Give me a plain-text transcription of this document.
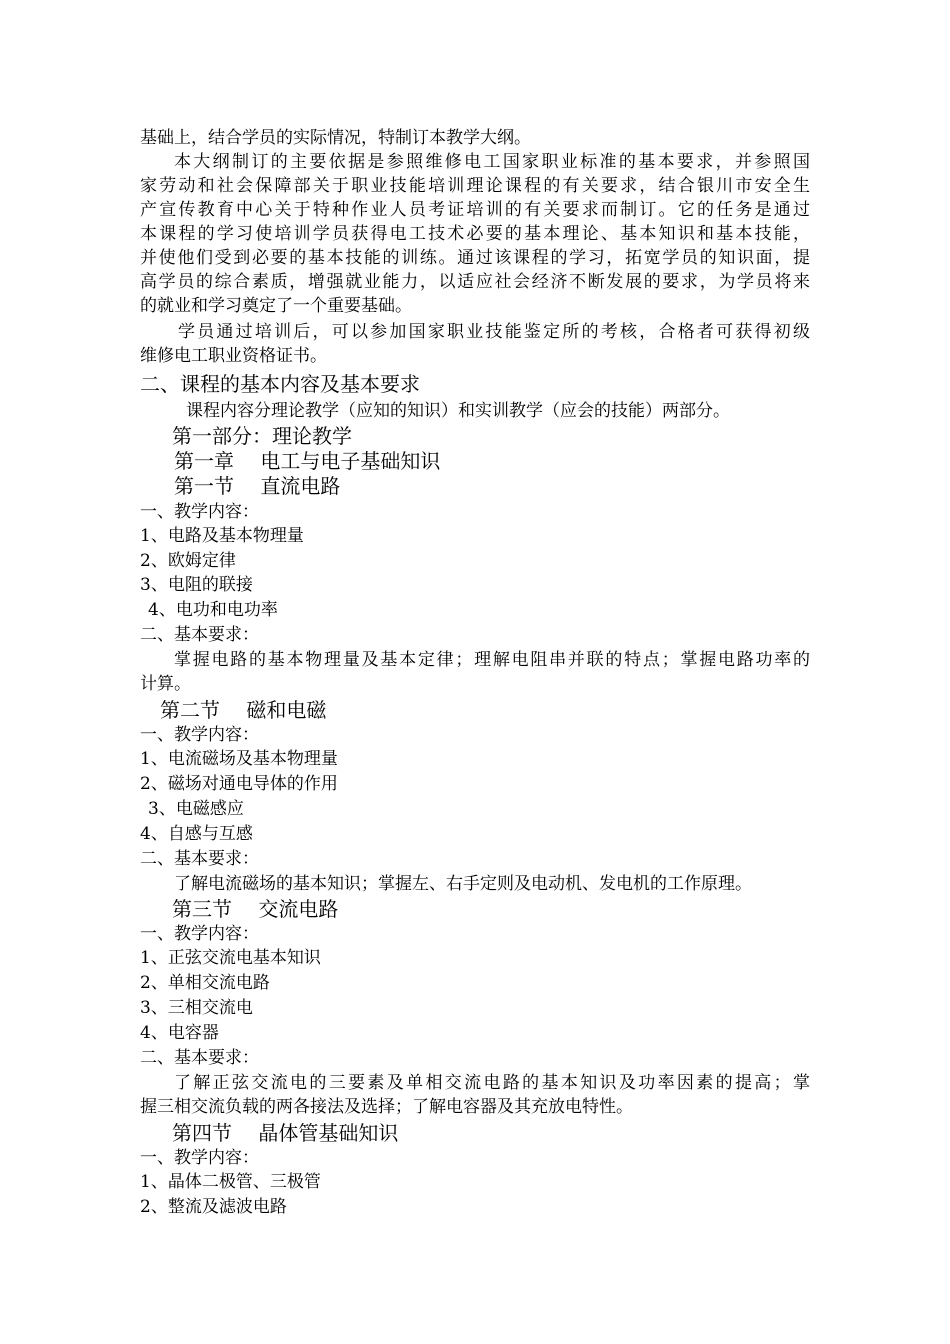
基础上，结合学员的实际情况，特制订本教学大纲。
本大纲制订的主要依据是参照维修电工国家职业标准的基本要求，并参照国
家劳动和社会保障部关于职业技能培训理论课程的有关要求，结合银川市安全生
产宣传教育中心关于特种作业人员考证培训的有关要求而制订。它的任务是通过
本课程的学习使培训学员获得电工技术必要的基本理论、基本知识和基本技能，
并使他们受到必要的基本技能的训练。通过该课程的学习，拓宽学员的知识面，提
高学员的综合素质，增强就业能力，以适应社会经济不断发展的要求，为学员将来
的就业和学习奠定了一个重要基础。
学员通过培训后，可以参加国家职业技能鉴定所的考核，合格者可获得初级
维修电工职业资格证书。
二、课程的基本内容及基本要求
课程内容分理论教学（应知的知识）和实训教学（应会的技能）两部分。
第一部分：理论教学
第一章　 电工与电子基础知识
第一节　 直流电路
一、教学内容：
1、电路及基本物理量
2、欧姆定律
3、电阻的联接
4、电功和电功率
二、基本要求：
掌握电路的基本物理量及基本定律；理解电阻串并联的特点；掌握电路功率的
计算。
第二节　 磁和电磁
一、教学内容：
1、电流磁场及基本物理量
2、磁场对通电导体的作用
3、电磁感应
4、自感与互感
二、基本要求：
了解电流磁场的基本知识；掌握左、右手定则及电动机、发电机的工作原理。
第三节　 交流电路
一、教学内容：
1、正弦交流电基本知识
2、单相交流电路
3、三相交流电
4、电容器
二、基本要求：
了解正弦交流电的三要素及单相交流电路的基本知识及功率因素的提高；掌
握三相交流负载的两各接法及选择；了解电容器及其充放电特性。
第四节　 晶体管基础知识
一、教学内容：
1、晶体二极管、三极管
2、整流及滤波电路
